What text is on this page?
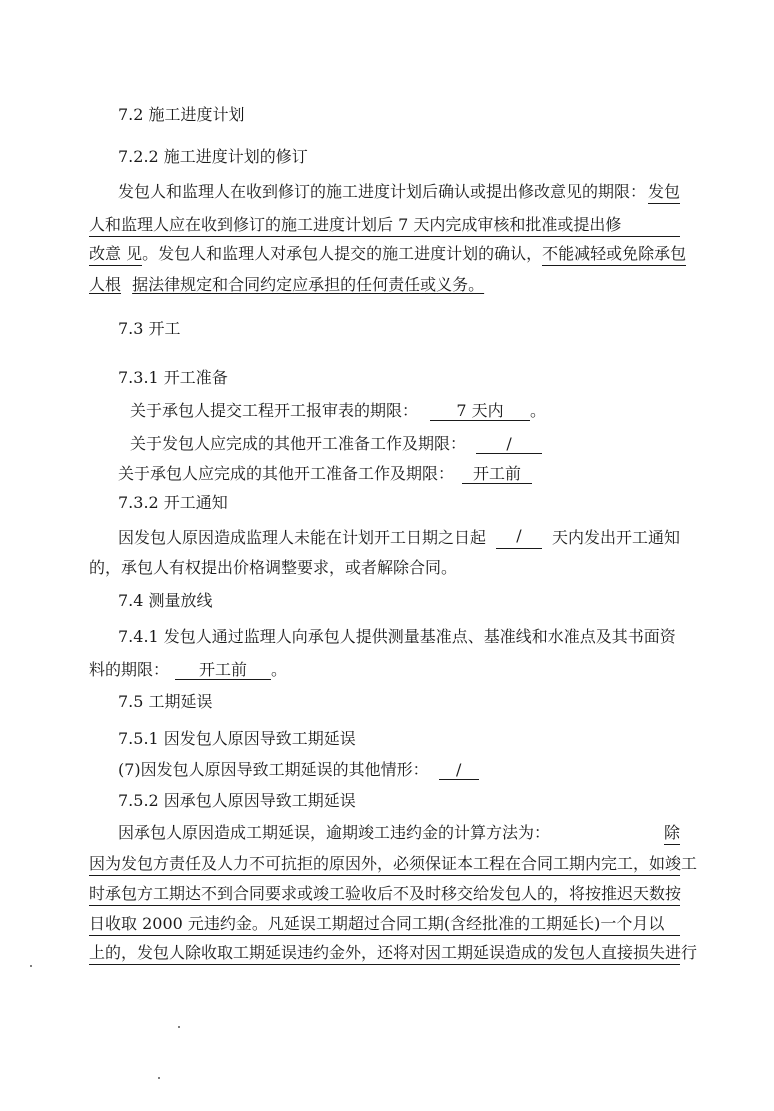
7.2 施工进度计划
7.2.2 施工进度计划的修订
发包人和监理人在收到修订的施工进度计划后确认或提出修改意见的期限： 发包
人和监理人应在收到修订的施工进度计划后 7 天内完成审核和批准或提出修
改意 见 。发包人和监理人对承包人提交的施工进度计划的确认， 不能减轻或免除承包
人根 据法律规定和合同约定应承担的任何责任或义务。
7.3 开工
7.3.1 开工准备
关于承包人提交工程开工报审表的期限： 7 天内 。
关于发包人应完成的其他开工准备工作及期限：	/
关于承包人应完成的其他开工准备工作及期限： 开工前
7.3.2 开工通知
因发包人原因造成监理人未能在计划开工日期之日起	/	天内发出开工通知
的，承包人有权提出价格调整要求，或者解除合同。
7.4 测量放线
7.4.1 发包人通过监理人向承包人提供测量基准点、基准线和水准点及其书面资
料的期限： 开工前 。
7.5 工期延误
7.5.1 因发包人原因导致工期延误
(7)因发包人原因导致工期延误的其他情形： /
7.5.2 因承包人原因导致工期延误
因承包人原因造成工期延误，逾期竣工违约金的计算方法为：	除
因为发包方责任及人力不可抗拒的原因外， 必须保证本工程在合同工期内完工， 如 竣工
时承包方工期达不到合同要求或竣工验收后不及时移交给发包人的， 将按推迟天 数按
日收取 2000 元违约金。凡延误工期超过合同工期(含经批准的工期延长)一个月以
上的， 发包人除收取工期延误违约金外， 还将对因工期延误造成的发包人直接损失进行
